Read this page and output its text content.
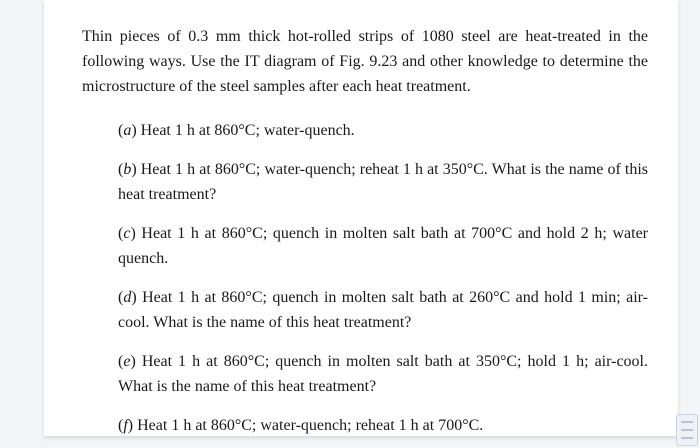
Thin pieces of 0.3 mm thick hot-rolled strips of 1080 steel are heat-treated in the following ways. Use the IT diagram of Fig. 9.23 and other knowledge to determine the microstructure of the steel samples after each heat treatment.

(a) Heat 1 h at 860°C; water-quench.

(b) Heat 1 h at 860°C; water-quench; reheat 1 h at 350°C. What is the name of this heat treatment?

(c) Heat 1 h at 860°C; quench in molten salt bath at 700°C and hold 2 h; water quench.

(d) Heat 1 h at 860°C; quench in molten salt bath at 260°C and hold 1 min; air-cool. What is the name of this heat treatment?

(e) Heat 1 h at 860°C; quench in molten salt bath at 350°C; hold 1 h; air-cool. What is the name of this heat treatment?

(f) Heat 1 h at 860°C; water-quench; reheat 1 h at 700°C.
